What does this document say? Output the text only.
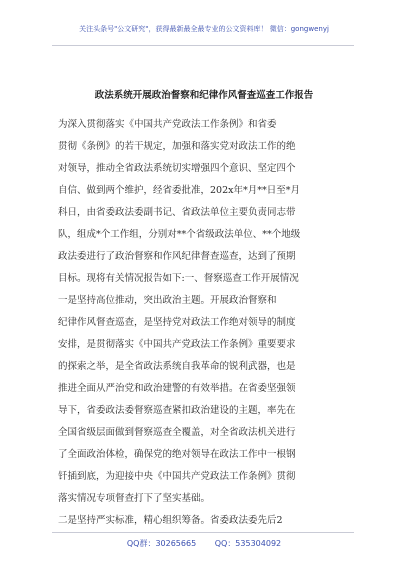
关注头条号"公文研究"，获得最新最全最专业的公文资料库！ 微信：gongwenyj
政法系统开展政治督察和纪律作风督查巡查工作报告
为深入贯彻落实《中国共产党政法工作条例》和省委
贯彻《条例》的若干规定，加强和落实党对政法工作的绝
对领导，推动全省政法系统切实增强四个意识、坚定四个
自信、做到两个维护，经省委批准，202x年*月**日至*月
科日，由省委政法委副书记、省政法单位主要负责同志带
队，组成*个工作组，分别对**个省级政法单位、**个地级
政法委进行了政治督察和作风纪律督查巡查，达到了预期
目标。现将有关情况报告如下:一、督察巡查工作开展情况
一是坚持高位推动，突出政治主题。开展政治督察和
纪律作风督查巡查，是坚持党对政法工作绝对领导的制度
安排，是贯彻落实《中国共产党政法工作条例》重要要求
的探索之举，是全省政法系统自我革命的锐利武器，也是
推进全面从严治党和政治建警的有效举措。在省委坚强领
导下，省委政法委督察巡查紧扣政治建设的主题，率先在
全国省级层面做到督察巡查全覆盖，对全省政法机关进行
了全面政治体检，确保党的绝对领导在政法工作中一根钢
钎插到底，为迎接中央《中国共产党政法工作条例》贯彻
落实情况专项督查打下了坚实基础。
二是坚持严实标准，精心组织筹备。省委政法委先后2
QQ群：30265665 QQ：535304092
